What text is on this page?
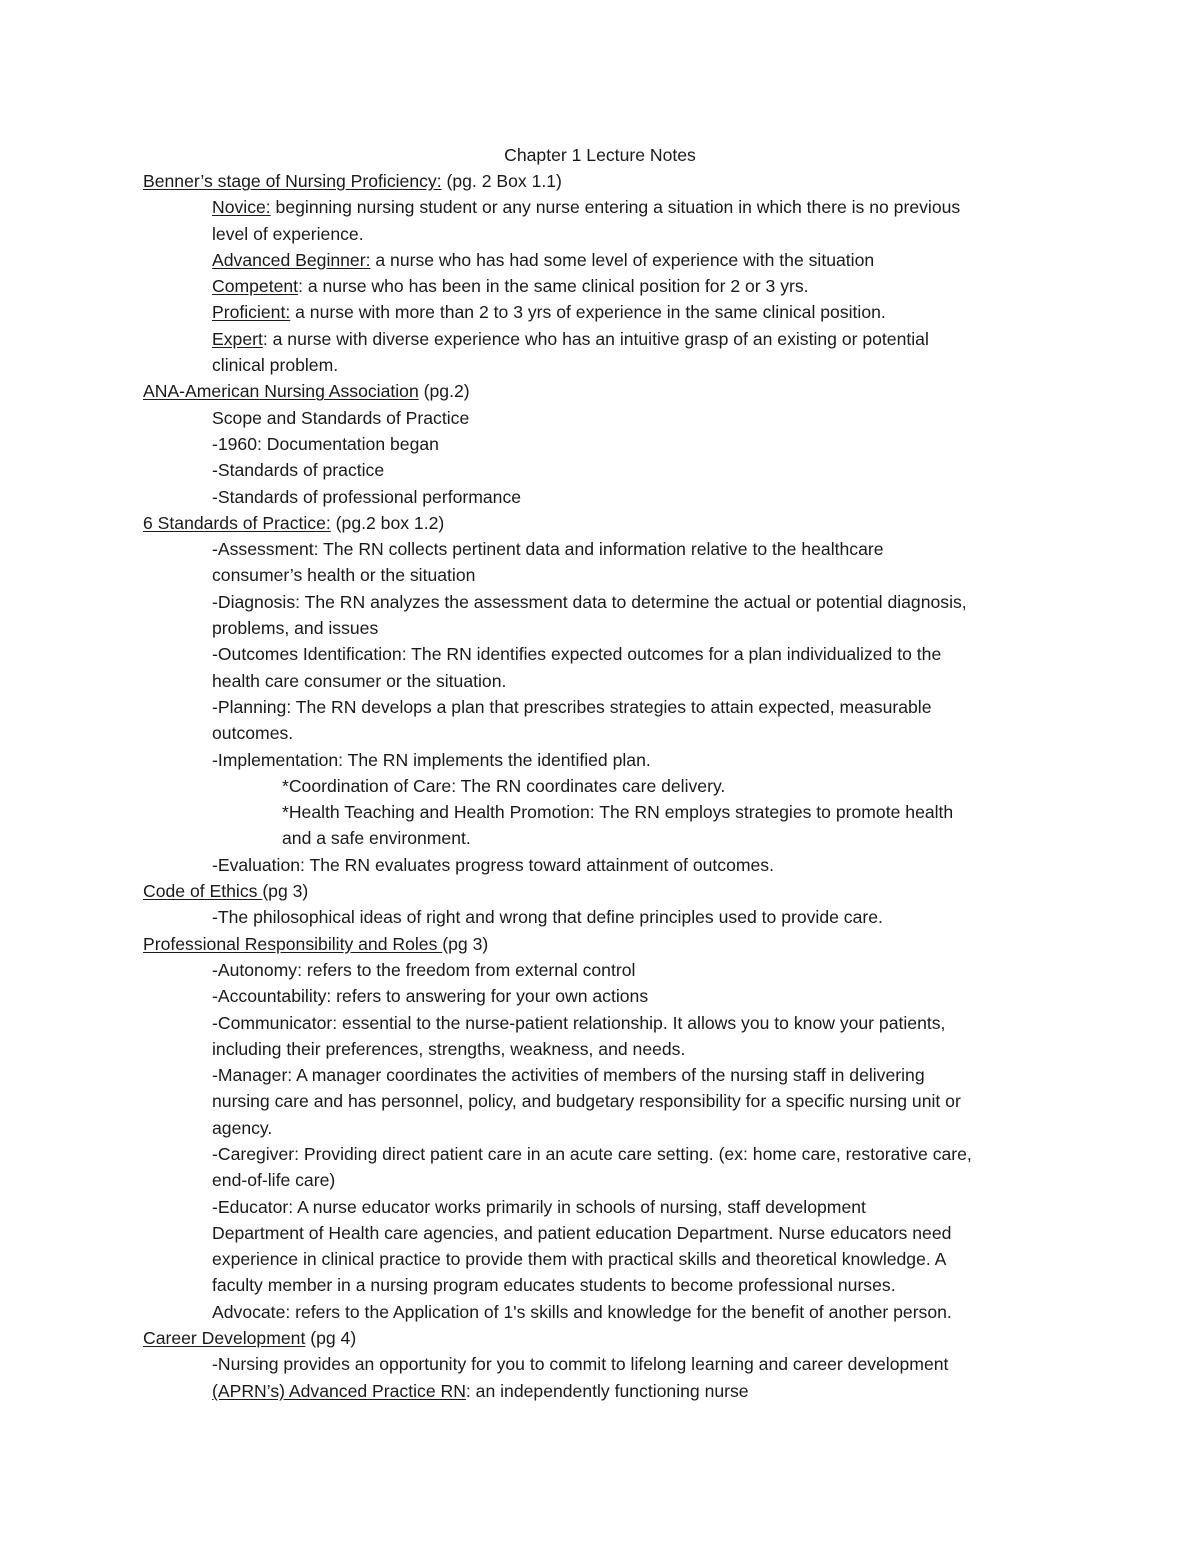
Chapter 1 Lecture Notes
Benner’s stage of Nursing Proficiency: (pg. 2 Box 1.1)
Novice: beginning nursing student or any nurse entering a situation in which there is no previous
level of experience.
Advanced Beginner: a nurse who has had some level of experience with the situation
Competent: a nurse who has been in the same clinical position for 2 or 3 yrs.
Proficient: a nurse with more than 2 to 3 yrs of experience in the same clinical position.
Expert: a nurse with diverse experience who has an intuitive grasp of an existing or potential
clinical problem.
ANA-American Nursing Association (pg.2)
Scope and Standards of Practice
-1960: Documentation began
-Standards of practice
-Standards of professional performance
6 Standards of Practice: (pg.2 box 1.2)
-Assessment: The RN collects pertinent data and information relative to the healthcare
consumer’s health or the situation
-Diagnosis: The RN analyzes the assessment data to determine the actual or potential diagnosis,
problems, and issues
-Outcomes Identification: The RN identifies expected outcomes for a plan individualized to the
health care consumer or the situation.
-Planning: The RN develops a plan that prescribes strategies to attain expected, measurable
outcomes.
-Implementation: The RN implements the identified plan.
*Coordination of Care: The RN coordinates care delivery.
*Health Teaching and Health Promotion: The RN employs strategies to promote health
and a safe environment.
-Evaluation: The RN evaluates progress toward attainment of outcomes.
Code of Ethics (pg 3)
-The philosophical ideas of right and wrong that define principles used to provide care.
Professional Responsibility and Roles (pg 3)
-Autonomy: refers to the freedom from external control
-Accountability: refers to answering for your own actions
-Communicator: essential to the nurse-patient relationship. It allows you to know your patients,
including their preferences, strengths, weakness, and needs.
-Manager: A manager coordinates the activities of members of the nursing staff in delivering
nursing care and has personnel, policy, and budgetary responsibility for a specific nursing unit or
agency.
-Caregiver: Providing direct patient care in an acute care setting. (ex: home care, restorative care,
end-of-life care)
-Educator: A nurse educator works primarily in schools of nursing, staff development
Department of Health care agencies, and patient education Department. Nurse educators need
experience in clinical practice to provide them with practical skills and theoretical knowledge. A
faculty member in a nursing program educates students to become professional nurses.
Advocate: refers to the Application of 1's skills and knowledge for the benefit of another person.
Career Development (pg 4)
-Nursing provides an opportunity for you to commit to lifelong learning and career development
(APRN’s) Advanced Practice RN: an independently functioning nurse
